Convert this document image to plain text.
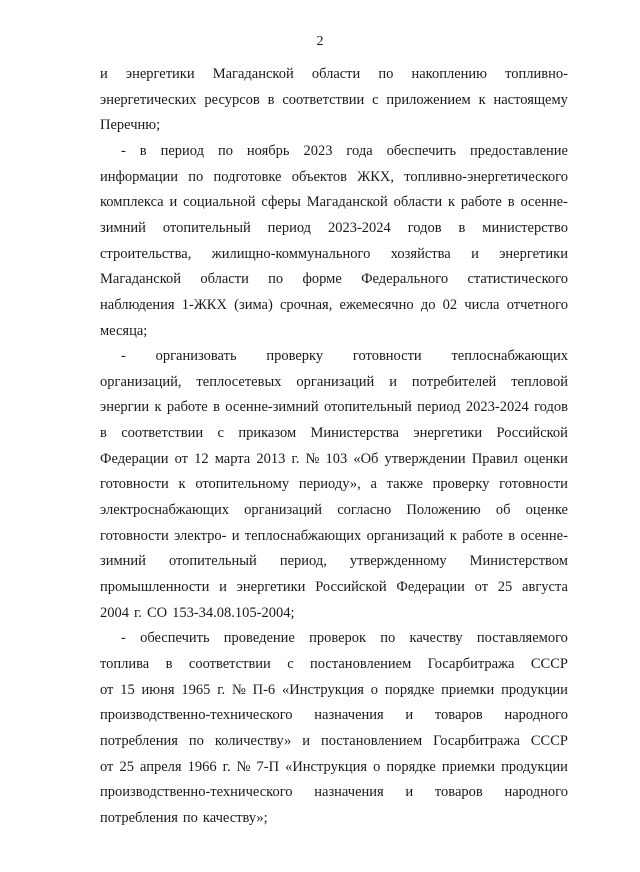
2
и энергетики Магаданской области по накоплению топливно-
энергетических ресурсов в соответствии с приложением к настоящему
Перечню;
- в период по ноябрь 2023 года обеспечить предоставление
информации по подготовке объектов ЖКХ, топливно-энергетического
комплекса и социальной сферы Магаданской области к работе в осенне-
зимний отопительный период 2023-2024 годов в министерство
строительства, жилищно-коммунального хозяйства и энергетики
Магаданской области по форме Федерального статистического
наблюдения 1-ЖКХ (зима) срочная, ежемесячно до 02 числа отчетного
месяца;
- организовать проверку готовности теплоснабжающих
организаций, теплосетевых организаций и потребителей тепловой
энергии к работе в осенне-зимний отопительный период 2023-2024 годов
в соответствии с приказом Министерства энергетики Российской
Федерации от 12 марта 2013 г. № 103 «Об утверждении Правил оценки
готовности к отопительному периоду», а также проверку готовности
электроснабжающих организаций согласно Положению об оценке
готовности электро- и теплоснабжающих организаций к работе в осенне-
зимний отопительный период, утвержденному Министерством
промышленности и энергетики Российской Федерации от 25 августа
2004 г. СО 153-34.08.105-2004;
- обеспечить проведение проверок по качеству поставляемого
топлива в соответствии с постановлением Госарбитража СССР
от 15 июня 1965 г. № П-6 «Инструкция о порядке приемки продукции
производственно-технического назначения и товаров народного
потребления по количеству» и постановлением Госарбитража СССР
от 25 апреля 1966 г. № 7-П «Инструкция о порядке приемки продукции
производственно-технического назначения и товаров народного
потребления по качеству»;
